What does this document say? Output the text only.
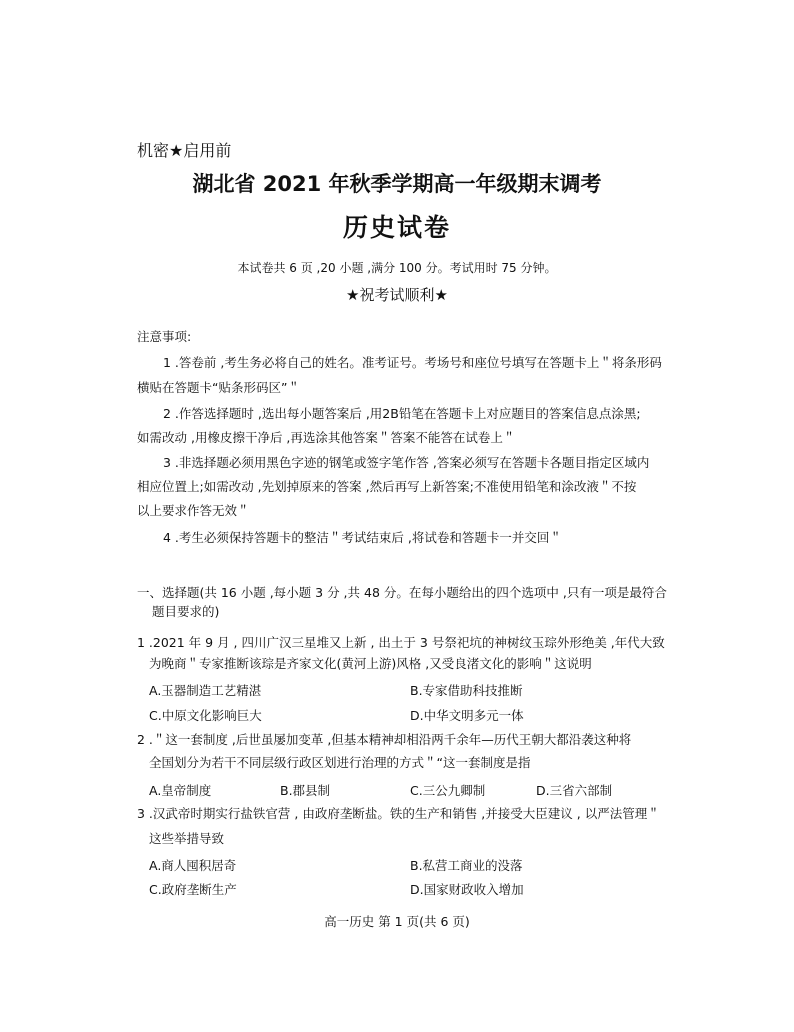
机密★启用前
湖北省 2021 年秋季学期高一年级期末调考
历史试卷
本试卷共 6 页 ,20 小题 ,满分 100 分。考试用时 75 分钟。
★祝考试顺利★
注意事项:
1 .答卷前 ,考生务必将自己的姓名。准考证号。考场号和座位号填写在答题卡上＂将条形码
横贴在答题卡“贴条形码区”＂
2 .作答选择题时 ,选出每小题答案后 ,用2B铅笔在答题卡上对应题目的答案信息点涂黑;
如需改动 ,用橡皮擦干净后 ,再选涂其他答案＂答案不能答在试卷上＂
3 .非选择题必须用黑色字迹的钢笔或签字笔作答 ,答案必须写在答题卡各题目指定区域内
相应位置上;如需改动 ,先划掉原来的答案 ,然后再写上新答案;不准使用铅笔和涂改液＂不按
以上要求作答无效＂
4 .考生必须保持答题卡的整洁＂考试结束后 ,将试卷和答题卡一并交回＂
一、选择题(共 16 小题 ,每小题 3 分 ,共 48 分。在每小题给出的四个选项中 ,只有一项是最符合
题目要求的)
1 .2021 年 9 月 , 四川广汉三星堆又上新 , 出土于 3 号祭祀坑的神树纹玉琮外形绝美 ,年代大致
为晚商＂专家推断该琮是齐家文化(黄河上游)风格 ,又受良渚文化的影响＂这说明
A.玉器制造工艺精湛	B.专家借助科技推断
C.中原文化影响巨大	D.中华文明多元一体
2 .＂这一套制度 ,后世虽屡加变革 ,但基本精神却相沿两千余年—历代王朝大都沿袭这种将
全国划分为若干不同层级行政区划进行治理的方式＂“这一套制度是指
A.皇帝制度	B.郡县制	C.三公九卿制	D.三省六部制
3 .汉武帝时期实行盐铁官营 , 由政府垄断盐。铁的生产和销售 ,并接受大臣建议 , 以严法管理＂
这些举措导致
A.商人囤积居奇	B.私营工商业的没落
C.政府垄断生产	D.国家财政收入增加
高一历史 第 1 页(共 6 页)
